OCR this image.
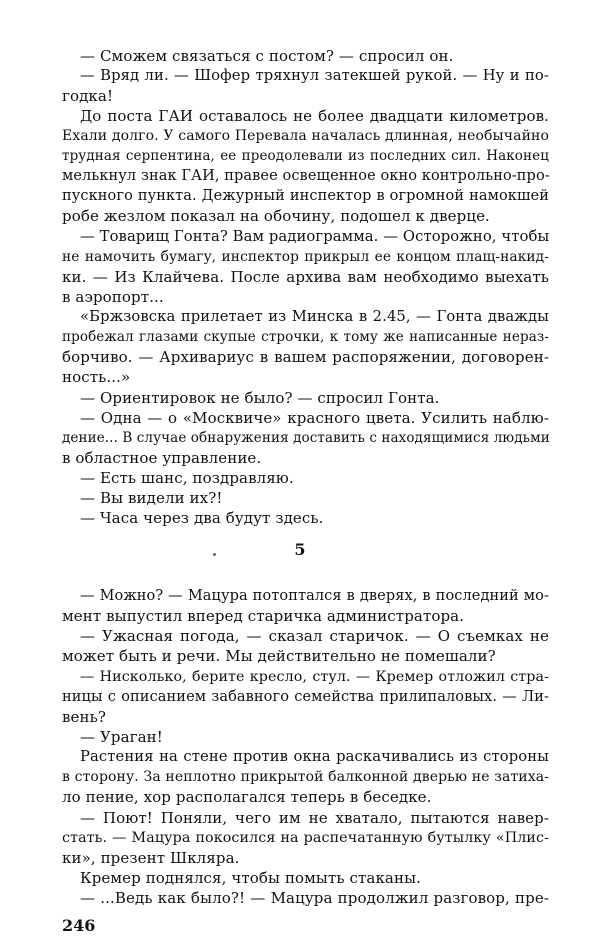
— Сможем связаться с постом? — спросил он.
— Вряд ли. — Шофер тряхнул затекшей рукой. — Ну и по-
годка!
До поста ГАИ оставалось не более двадцати километров.
Ехали долго. У самого Перевала началась длинная, необычайно
трудная серпентина, ее преодолевали из последних сил. Наконец
мелькнул знак ГАИ, правее освещенное окно контрольно-про-
пускного пункта. Дежурный инспектор в огромной намокшей
робе жезлом показал на обочину, подошел к дверце.
— Товарищ Гонта? Вам радиограмма. — Осторожно, чтобы
не намочить бумагу, инспектор прикрыл ее концом плащ-накид-
ки. — Из Клайчева. После архива вам необходимо выехать
в аэропорт...
«Бржзовска прилетает из Минска в 2.45, — Гонта дважды
пробежал глазами скупые строчки, к тому же написанные нераз-
борчиво. — Архивариус в вашем распоряжении, договорен-
ность...»
— Ориентировок не было? — спросил Гонта.
— Одна — о «Москвиче» красного цвета. Усилить наблю-
дение... В случае обнаружения доставить с находящимися людьми
в областное управление.
— Есть шанс, поздравляю.
— Вы видели их?!
— Часа через два будут здесь.
5
— Можно? — Мацура потоптался в дверях, в последний мо-
мент выпустил вперед старичка администратора.
— Ужасная погода, — сказал старичок. — О съемках не
может быть и речи. Мы действительно не помешали?
— Нисколько, берите кресло, стул. — Кремер отложил стра-
ницы с описанием забавного семейства прилипаловых. — Ли-
вень?
— Ураган!
Растения на стене против окна раскачивались из стороны
в сторону. За неплотно прикрытой балконной дверью не затиха-
ло пение, хор располагался теперь в беседке.
— Поют! Поняли, чего им не хватало, пытаются навер-
стать. — Мацура покосился на распечатанную бутылку «Плис-
ки», презент Шкляра.
Кремер поднялся, чтобы помыть стаканы.
— ...Ведь как было?! — Мацура продолжил разговор, пре-
246
